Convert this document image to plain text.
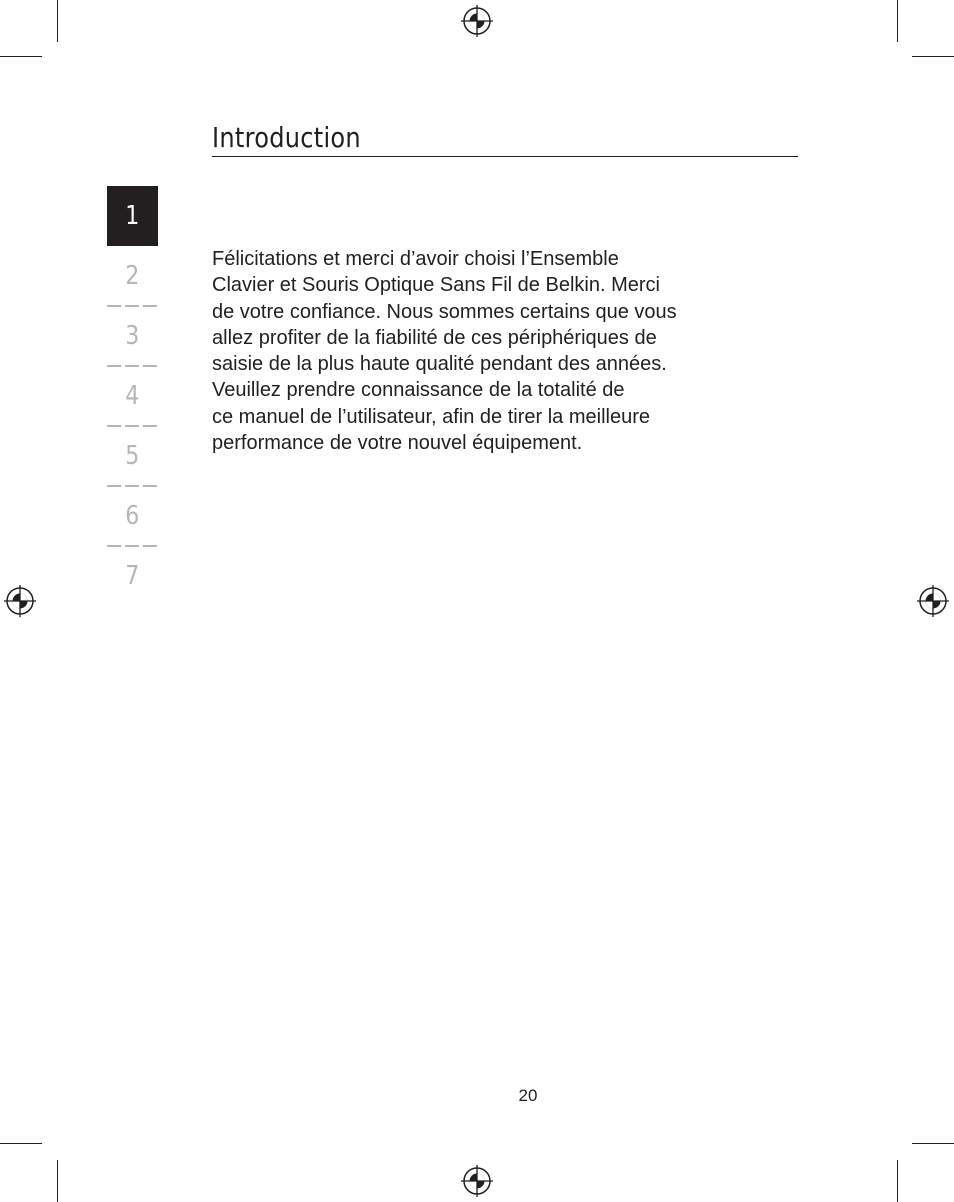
Introduction
1
2
3
4
5
6
7
Félicitations et merci d’avoir choisi l’Ensemble
Clavier et Souris Optique Sans Fil de Belkin. Merci
de votre confiance. Nous sommes certains que vous
allez profiter de la fiabilité de ces périphériques de
saisie de la plus haute qualité pendant des années.
Veuillez prendre connaissance de la totalité de
ce manuel de l’utilisateur, afin de tirer la meilleure
performance de votre nouvel équipement.
20
